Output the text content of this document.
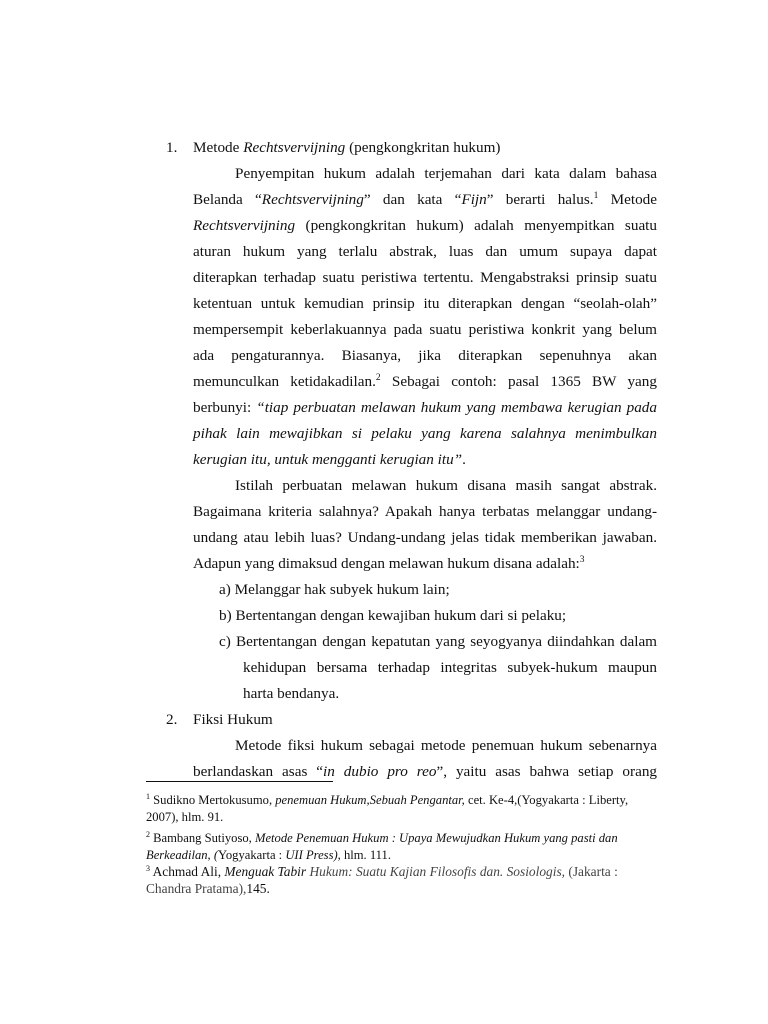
1. Metode Rechtsvervijning (pengkongkritan hukum)
Penyempitan hukum adalah terjemahan dari kata dalam bahasa
Belanda “Rechtsvervijning” dan kata “Fijn” berarti halus.$^1$ Metode
Rechtsvervijning (pengkongkritan hukum) adalah menyempitkan suatu
aturan hukum yang terlalu abstrak, luas dan umum supaya dapat
diterapkan terhadap suatu peristiwa tertentu. Mengabstraksi prinsip suatu
ketentuan untuk kemudian prinsip itu diterapkan dengan “seolah-olah”
mempersempit keberlakuannya pada suatu peristiwa konkrit yang belum
ada pengaturannya. Biasanya, jika diterapkan sepenuhnya akan
memunculkan ketidakadilan.$^2$ Sebagai contoh: pasal 1365 BW yang
berbunyi: “tiap perbuatan melawan hukum yang membawa kerugian pada
pihak lain mewajibkan si pelaku yang karena salahnya menimbulkan
kerugian itu, untuk mengganti kerugian itu”.
Istilah perbuatan melawan hukum disana masih sangat abstrak.
Bagaimana kriteria salahnya? Apakah hanya terbatas melanggar undang-
undang atau lebih luas? Undang-undang jelas tidak memberikan jawaban.
Adapun yang dimaksud dengan melawan hukum disana adalah:$^3$
a) Melanggar hak subyek hukum lain;
b) Bertentangan dengan kewajiban hukum dari si pelaku;
c) Bertentangan dengan kepatutan yang seyogyanya diindahkan dalam
kehidupan bersama terhadap integritas subyek-hukum maupun
harta bendanya.
2. Fiksi Hukum
Metode fiksi hukum sebagai metode penemuan hukum sebenarnya
berlandaskan asas “in dubio pro reo”, yaitu asas bahwa setiap orang
$^1$ Sudikno Mertokusumo, penemuan Hukum,Sebuah Pengantar, cet. Ke-4,(Yogyakarta : Liberty,
2007), hlm. 91.
$^2$ Bambang Sutiyoso, Metode Penemuan Hukum : Upaya Mewujudkan Hukum yang pasti dan
Berkeadilan, (Yogyakarta : UII Press), hlm. 111.
$^3$ Achmad Ali, Menguak Tabir Hukum: Suatu Kajian Filosofis dan. Sosiologis, (Jakarta :
Chandra Pratama),145.
